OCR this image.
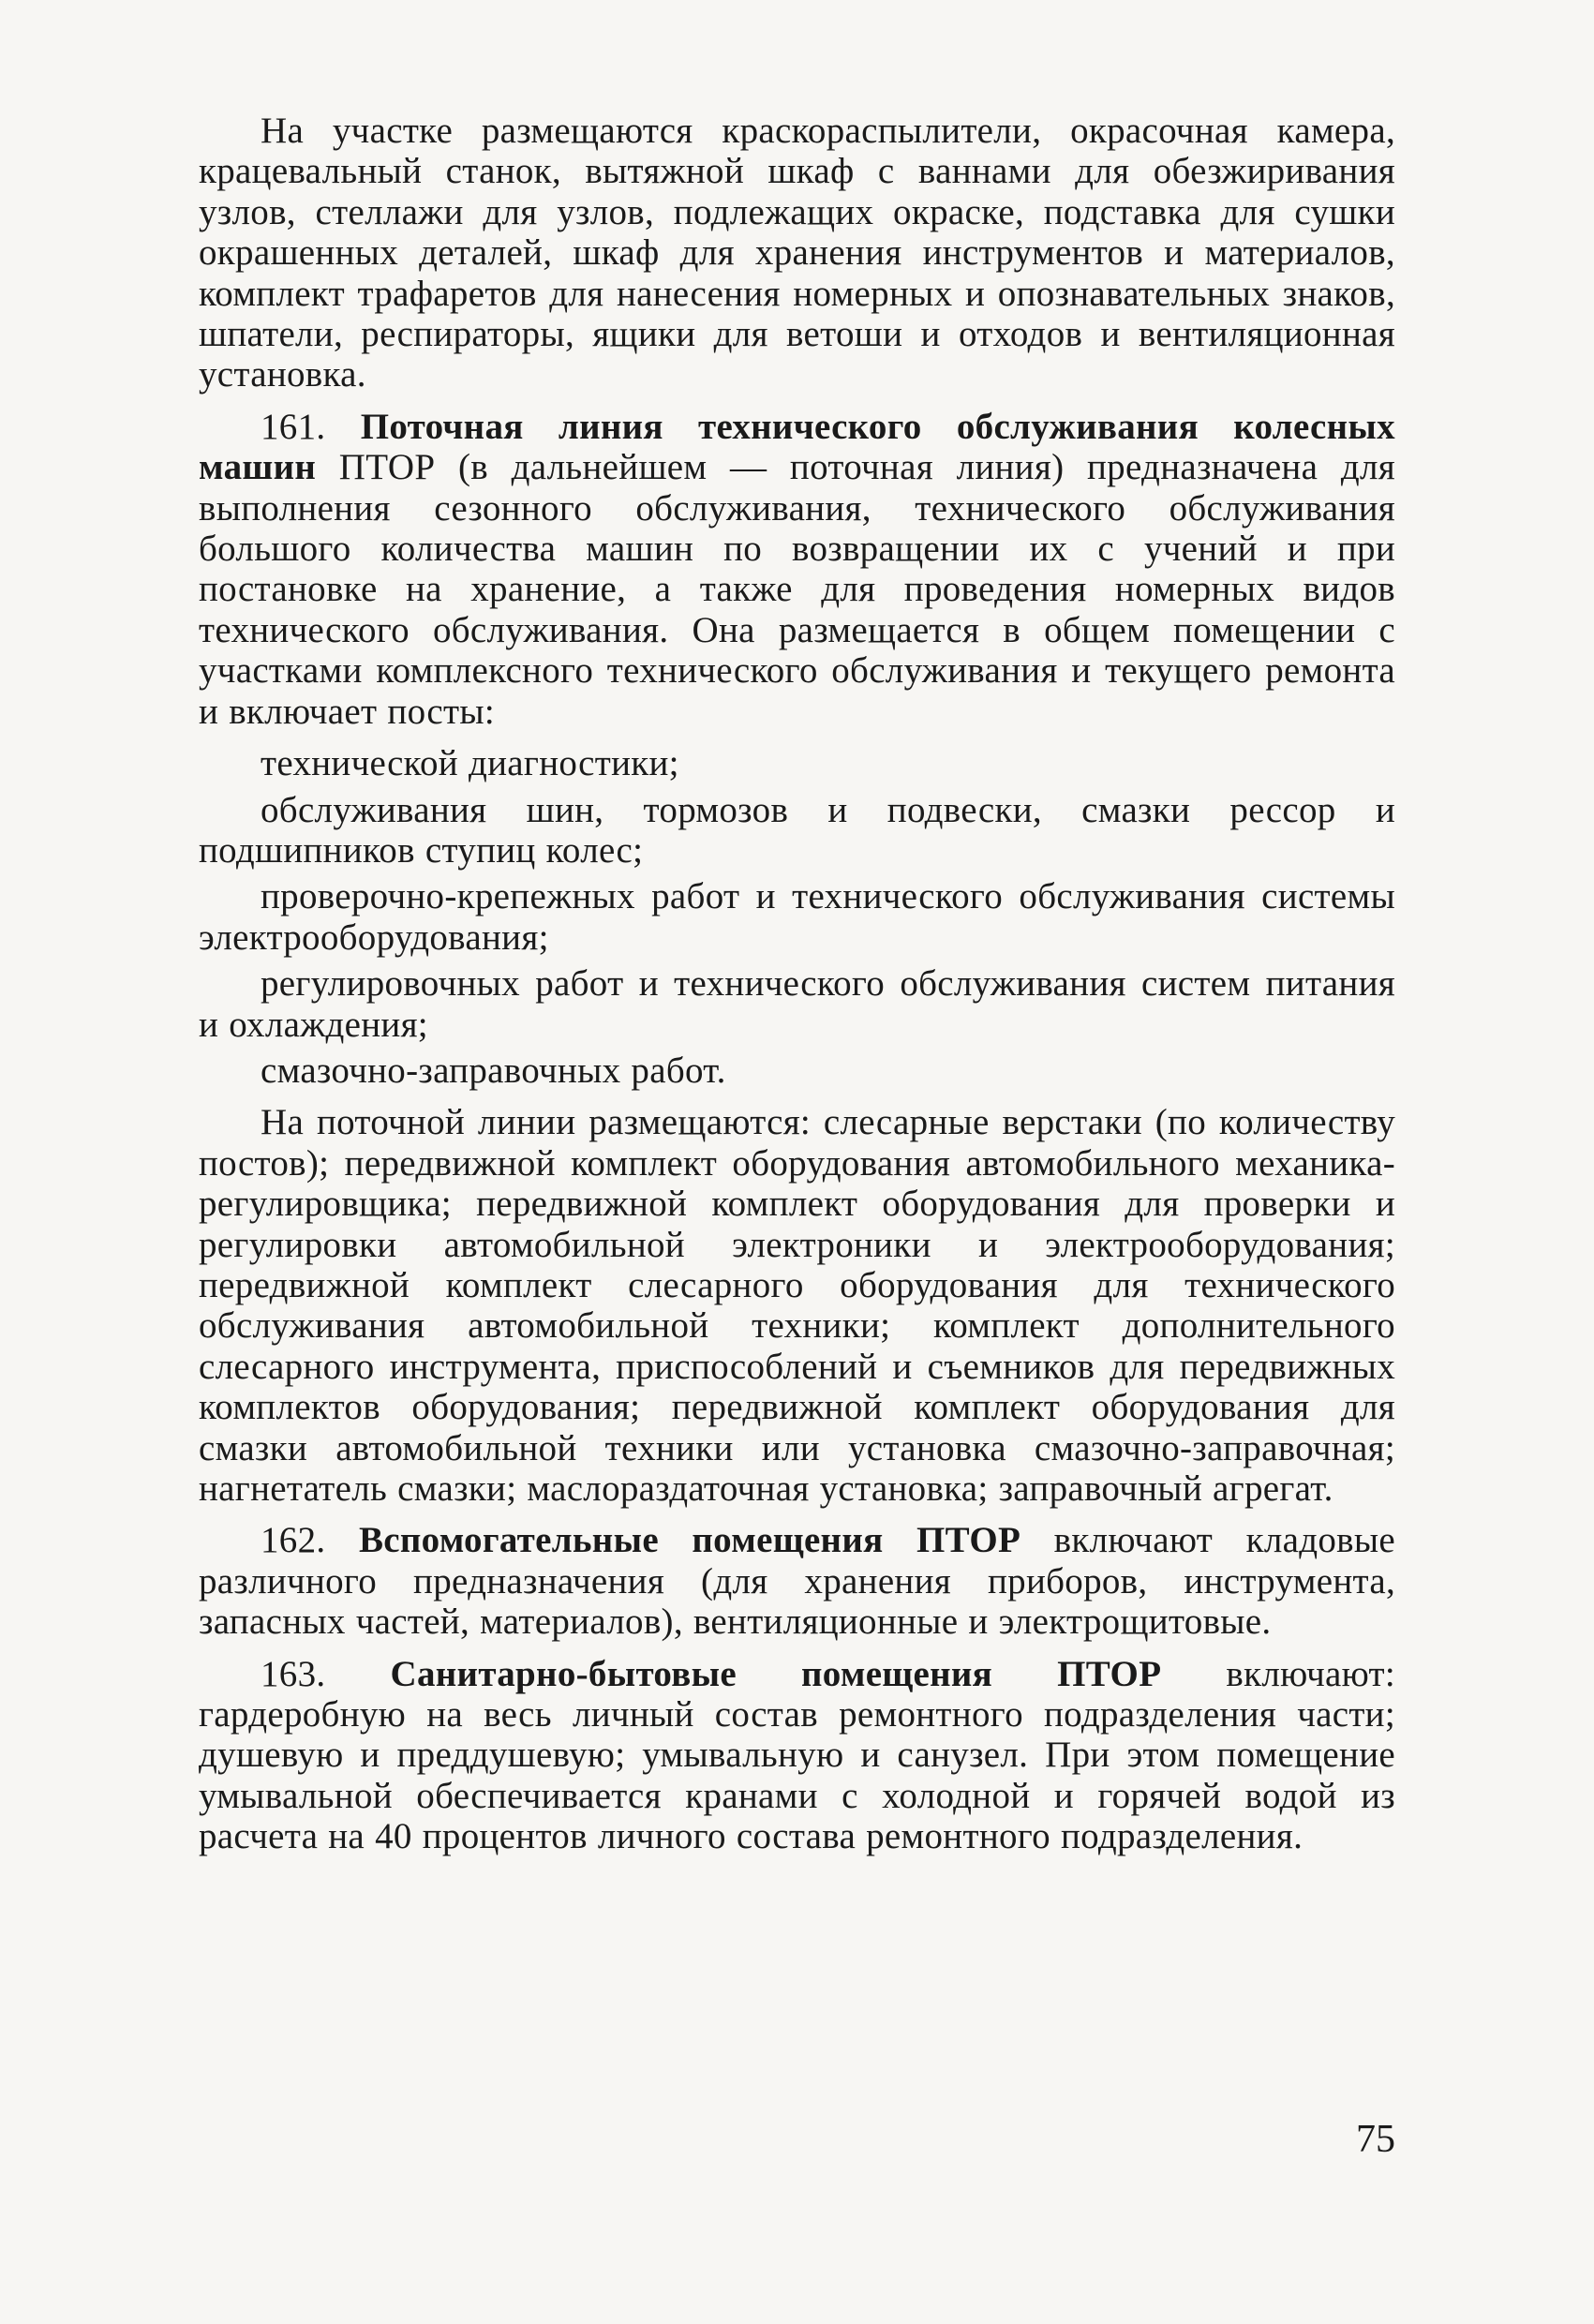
На участке размещаются краскораспылители, окрасочная камера, крацевальный станок, вытяжной шкаф с ваннами для обезжиривания узлов, стеллажи для узлов, подлежащих окраске, подставка для сушки окрашенных деталей, шкаф для хранения инструментов и материалов, комплект трафаретов для нанесения номерных и опознавательных знаков, шпатели, респираторы, ящики для ветоши и отходов и вентиляционная установка.

161. Поточная линия технического обслуживания колесных машин ПТОР (в дальнейшем — поточная линия) предназначена для выполнения сезонного обслуживания, технического обслуживания большого количества машин по возвращении их с учений и при постановке на хранение, а также для проведения номерных видов технического обслуживания. Она размещается в общем помещении с участками комплексного технического обслуживания и текущего ремонта и включает посты:

технической диагностики;

обслуживания шин, тормозов и подвески, смазки рессор и подшипников ступиц колес;

проверочно-крепежных работ и технического обслуживания системы электрооборудования;

регулировочных работ и технического обслуживания систем питания и охлаждения;

смазочно-заправочных работ.

На поточной линии размещаются: слесарные верстаки (по количеству постов); передвижной комплект оборудования автомобильного механика-регулировщика; передвижной комплект оборудования для проверки и регулировки автомобильной электроники и электрооборудования; передвижной комплект слесарного оборудования для технического обслуживания автомобильной техники; комплект дополнительного слесарного инструмента, приспособлений и съемников для передвижных комплектов оборудования; передвижной комплект оборудования для смазки автомобильной техники или установка смазочно-заправочная; нагнетатель смазки; маслораздаточная установка; заправочный агрегат.

162. Вспомогательные помещения ПТОР включают кладовые различного предназначения (для хранения приборов, инструмента, запасных частей, материалов), вентиляционные и электрощитовые.

163. Санитарно-бытовые помещения ПТОР включают: гардеробную на весь личный состав ремонтного подразделения части; душевую и преддушевую; умывальную и санузел. При этом помещение умывальной обеспечивается кранами с холодной и горячей водой из расчета на 40 процентов личного состава ремонтного подразделения.

75
